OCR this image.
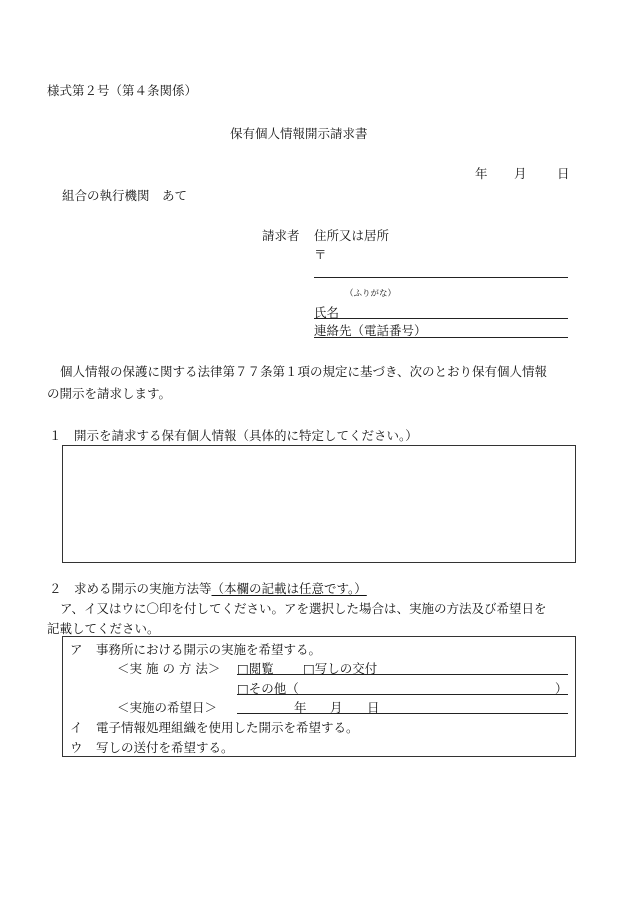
様式第２号（第４条関係）
保有個人情報開示請求書
年 月 日
組合の執行機関　あて
請求者 住所又は居所
〒
（ふりがな）
氏名
連絡先（電話番号）
個人情報の保護に関する法律第７７条第１項の規定に基づき、次のとおり保有個人情報
の開示を請求します。
１ 開示を請求する保有個人情報（具体的に特定してください。）
２ 求める開示の実施方法等（本欄の記載は任意です。）
ア、イ又はウに〇印を付してください。アを選択した場合は、実施の方法及び希望日を
記載してください。
ア 事務所における開示の実施を希望する。
＜実 施 の 方 法＞ □閲覧 □写しの交付
□その他（	）
＜実施の希望日＞	年 月 日
イ 電子情報処理組織を使用した開示を希望する。
ウ 写しの送付を希望する。
